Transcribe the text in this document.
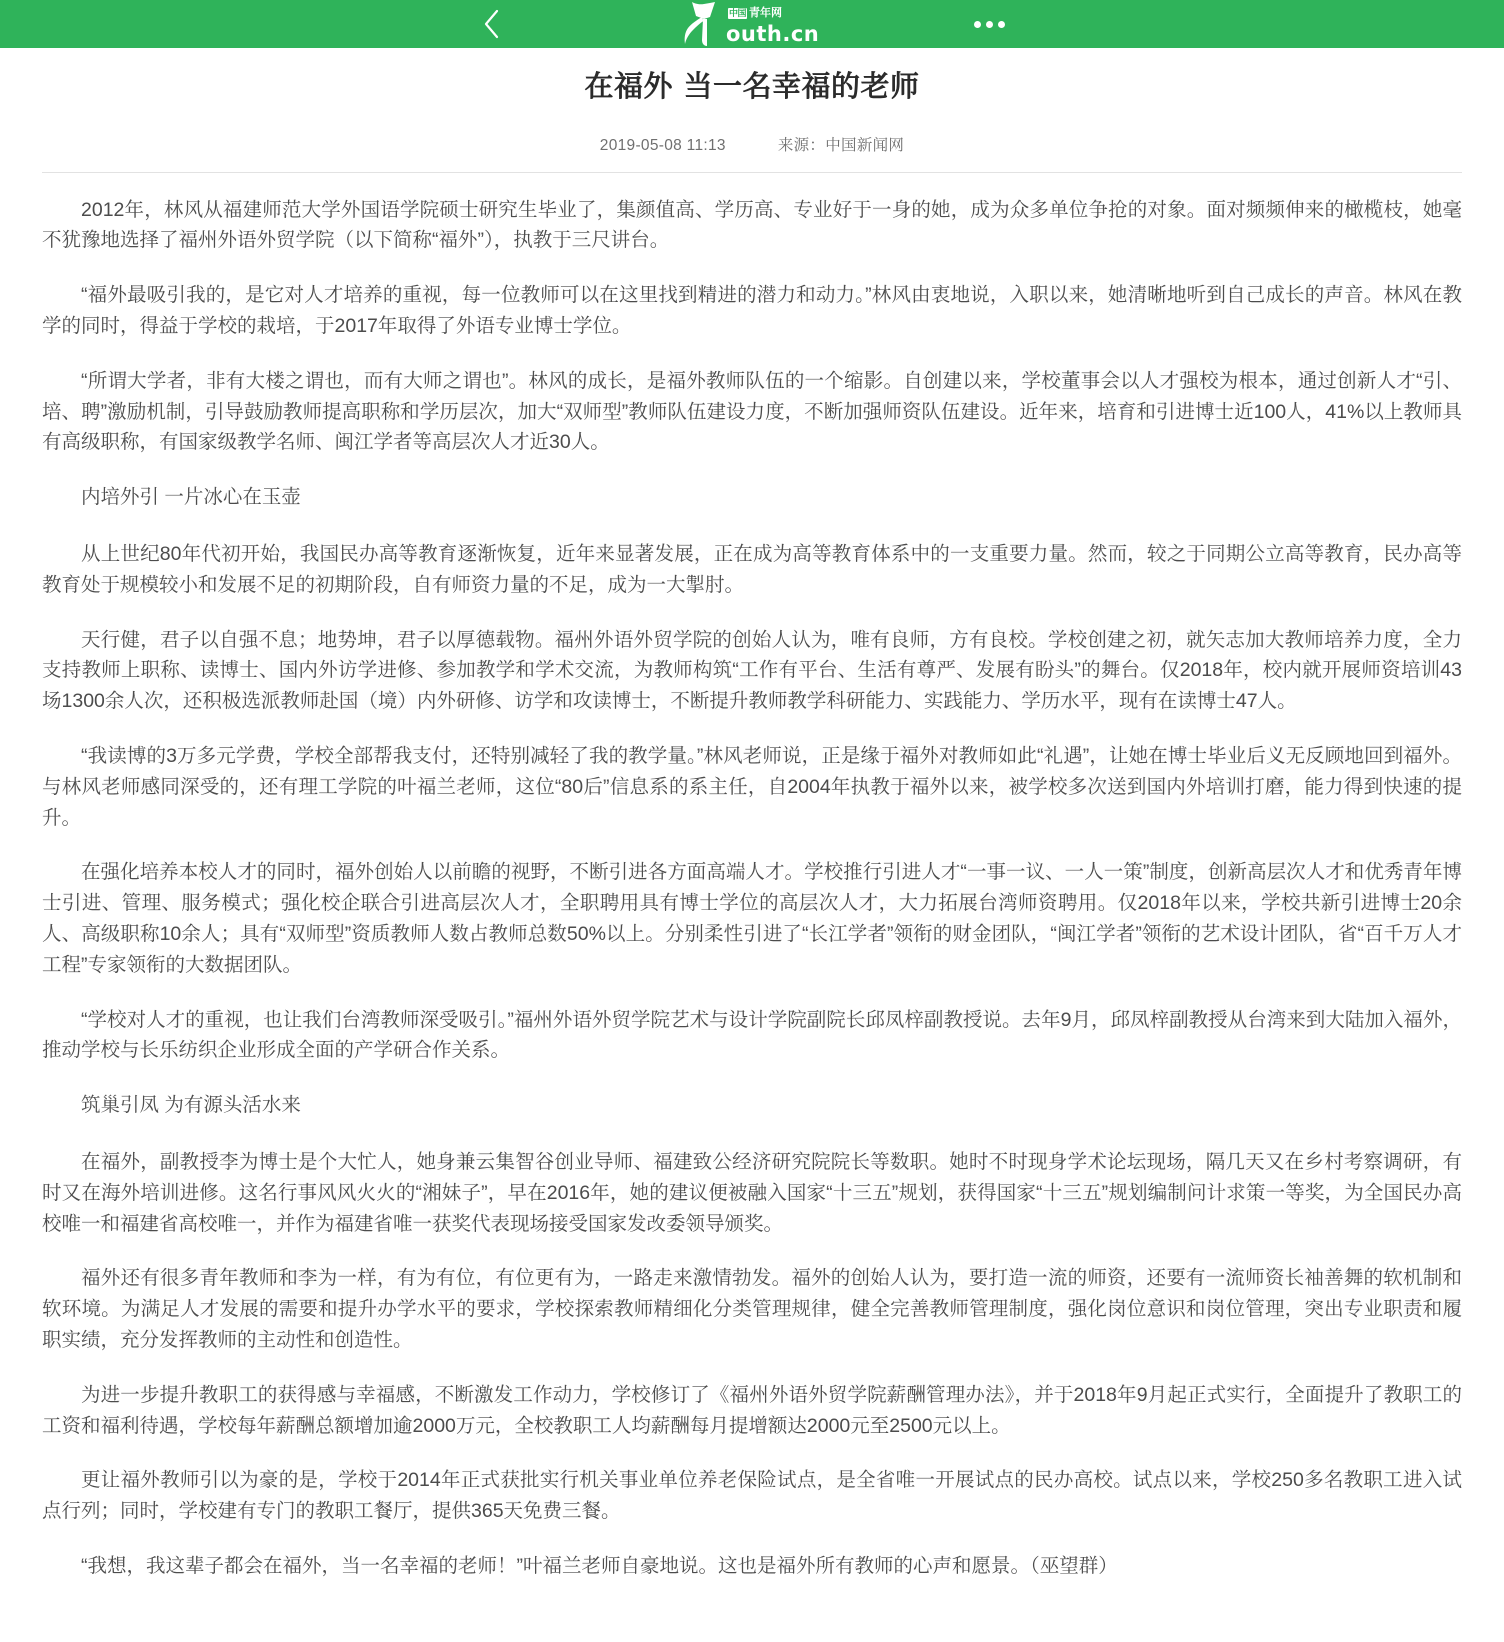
中国 青年网
outh.cn
在福外 当一名幸福的老师
2019-05-08 11:13	来源：中国新闻网

2012年，林风从福建师范大学外国语学院硕士研究生毕业了，集颜值高、学历高、专业好于一身的她，成为众多单位争抢的对象。面对频频伸来的橄榄枝，她毫不犹豫地选择了福州外语外贸学院（以下简称“福外”），执教于三尺讲台。

“福外最吸引我的，是它对人才培养的重视，每一位教师可以在这里找到精进的潜力和动力。”林风由衷地说，入职以来，她清晰地听到自己成长的声音。林风在教学的同时，得益于学校的栽培，于2017年取得了外语专业博士学位。

“所谓大学者，非有大楼之谓也，而有大师之谓也”。林风的成长，是福外教师队伍的一个缩影。自创建以来，学校董事会以人才强校为根本，通过创新人才“引、培、聘”激励机制，引导鼓励教师提高职称和学历层次，加大“双师型”教师队伍建设力度，不断加强师资队伍建设。近年来，培育和引进博士近100人，41%以上教师具有高级职称，有国家级教学名师、闽江学者等高层次人才近30人。

内培外引 一片冰心在玉壶

从上世纪80年代初开始，我国民办高等教育逐渐恢复，近年来显著发展，正在成为高等教育体系中的一支重要力量。然而，较之于同期公立高等教育，民办高等教育处于规模较小和发展不足的初期阶段，自有师资力量的不足，成为一大掣肘。

天行健，君子以自强不息；地势坤，君子以厚德载物。福州外语外贸学院的创始人认为，唯有良师，方有良校。学校创建之初，就矢志加大教师培养力度，全力支持教师上职称、读博士、国内外访学进修、参加教学和学术交流，为教师构筑“工作有平台、生活有尊严、发展有盼头”的舞台。仅2018年，校内就开展师资培训43场1300余人次，还积极选派教师赴国（境）内外研修、访学和攻读博士，不断提升教师教学科研能力、实践能力、学历水平，现有在读博士47人。

“我读博的3万多元学费，学校全部帮我支付，还特别减轻了我的教学量。”林风老师说，正是缘于福外对教师如此“礼遇”，让她在博士毕业后义无反顾地回到福外。与林风老师感同深受的，还有理工学院的叶福兰老师，这位“80后”信息系的系主任，自2004年执教于福外以来，被学校多次送到国内外培训打磨，能力得到快速的提升。

在强化培养本校人才的同时，福外创始人以前瞻的视野，不断引进各方面高端人才。学校推行引进人才“一事一议、一人一策”制度，创新高层次人才和优秀青年博士引进、管理、服务模式；强化校企联合引进高层次人才，全职聘用具有博士学位的高层次人才，大力拓展台湾师资聘用。仅2018年以来，学校共新引进博士20余人、高级职称10余人；具有“双师型”资质教师人数占教师总数50%以上。分别柔性引进了“长江学者”领衔的财金团队，“闽江学者”领衔的艺术设计团队，省“百千万人才工程”专家领衔的大数据团队。

“学校对人才的重视，也让我们台湾教师深受吸引。”福州外语外贸学院艺术与设计学院副院长邱凤梓副教授说。去年9月，邱凤梓副教授从台湾来到大陆加入福外，推动学校与长乐纺织企业形成全面的产学研合作关系。

筑巢引凤 为有源头活水来

在福外，副教授李为博士是个大忙人，她身兼云集智谷创业导师、福建致公经济研究院院长等数职。她时不时现身学术论坛现场，隔几天又在乡村考察调研，有时又在海外培训进修。这名行事风风火火的“湘妹子”，早在2016年，她的建议便被融入国家“十三五”规划，获得国家“十三五”规划编制问计求策一等奖，为全国民办高校唯一和福建省高校唯一，并作为福建省唯一获奖代表现场接受国家发改委领导颁奖。

福外还有很多青年教师和李为一样，有为有位，有位更有为，一路走来激情勃发。福外的创始人认为，要打造一流的师资，还要有一流师资长袖善舞的软机制和软环境。为满足人才发展的需要和提升办学水平的要求，学校探索教师精细化分类管理规律，健全完善教师管理制度，强化岗位意识和岗位管理，突出专业职责和履职实绩，充分发挥教师的主动性和创造性。

为进一步提升教职工的获得感与幸福感，不断激发工作动力，学校修订了《福州外语外贸学院薪酬管理办法》，并于2018年9月起正式实行，全面提升了教职工的工资和福利待遇，学校每年薪酬总额增加逾2000万元，全校教职工人均薪酬每月提增额达2000元至2500元以上。

更让福外教师引以为豪的是，学校于2014年正式获批实行机关事业单位养老保险试点，是全省唯一开展试点的民办高校。试点以来，学校250多名教职工进入试点行列；同时，学校建有专门的教职工餐厅，提供365天免费三餐。

“我想，我这辈子都会在福外，当一名幸福的老师！”叶福兰老师自豪地说。这也是福外所有教师的心声和愿景。（巫望群）
